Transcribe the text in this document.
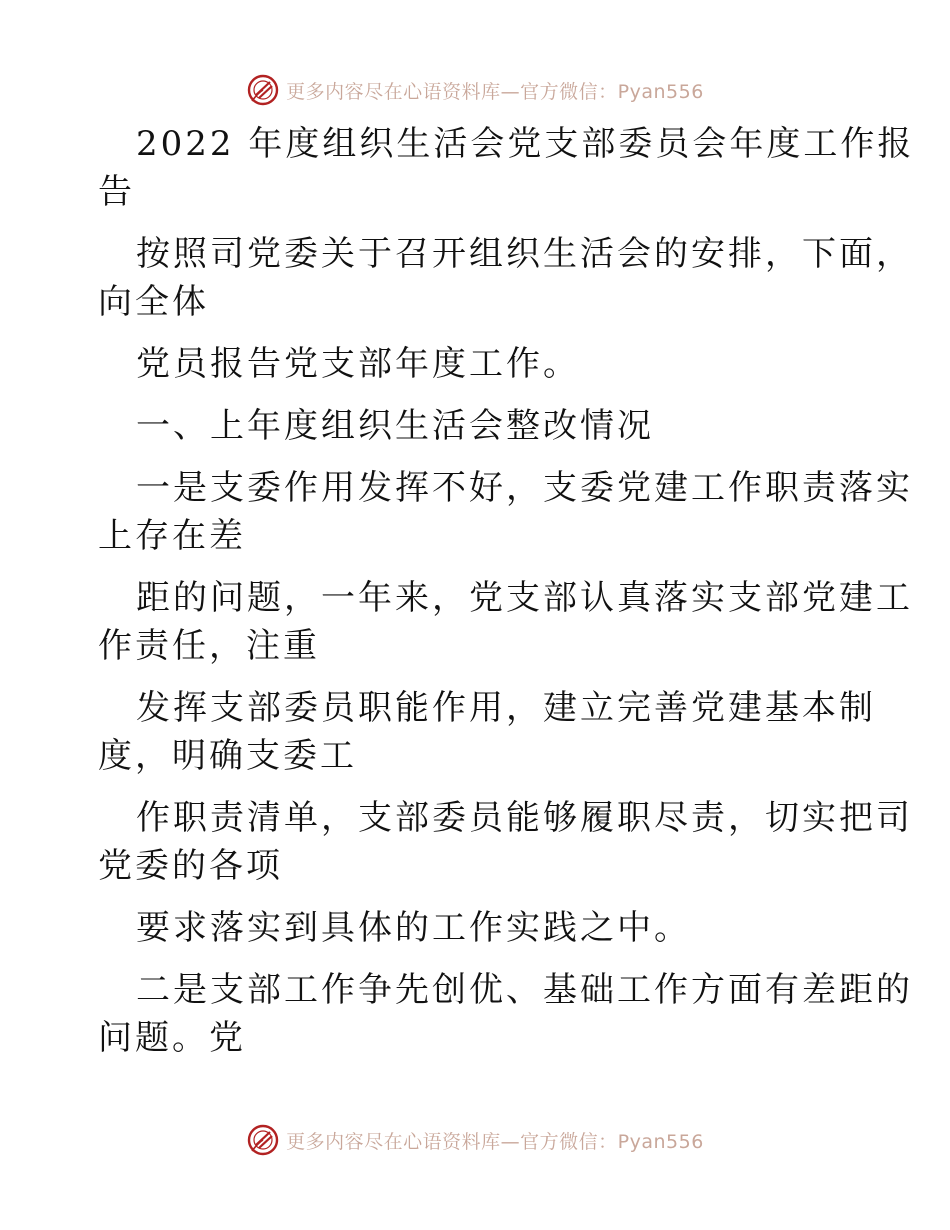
更多内容尽在心语资料库—官方微信：Pyan556

2022 年度组织生活会党支部委员会年度工作报

告

按照司党委关于召开组织生活会的安排，下面，

向全体

党员报告党支部年度工作。

一、上年度组织生活会整改情况

一是支委作用发挥不好，支委党建工作职责落实

上存在差

距的问题，一年来，党支部认真落实支部党建工

作责任，注重

发挥支部委员职能作用，建立完善党建基本制

度，明确支委工

作职责清单，支部委员能够履职尽责，切实把司

党委的各项

要求落实到具体的工作实践之中。

二是支部工作争先创优、基础工作方面有差距的

问题。党

更多内容尽在心语资料库—官方微信：Pyan556
